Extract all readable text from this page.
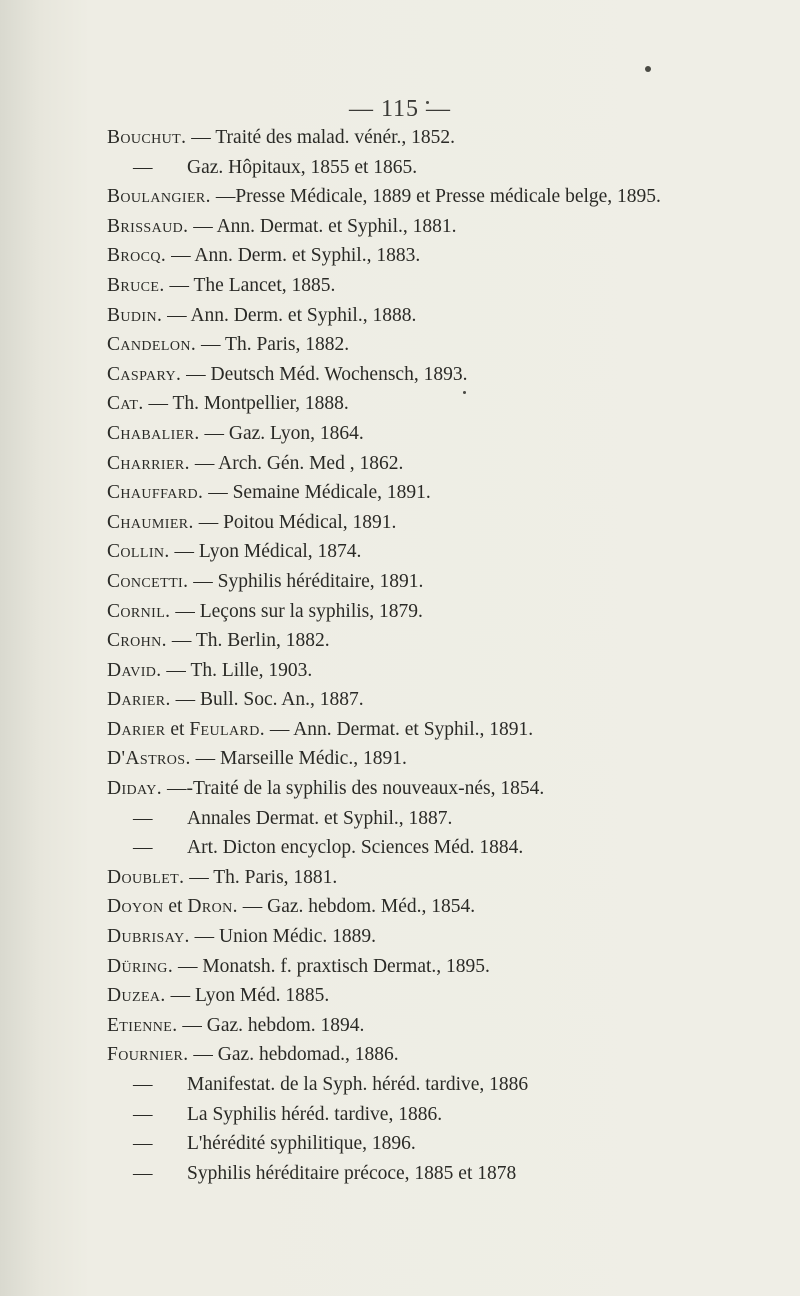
— 115 —
Bouchut. — Traité des malad. vénér., 1852.
— Gaz. Hôpitaux, 1855 et 1865.
Boulangier. —Presse Médicale, 1889 et Presse médicale belge, 1895.
Brissaud. — Ann. Dermat. et Syphil., 1881.
Brocq. — Ann. Derm. et Syphil., 1883.
Bruce. — The Lancet, 1885.
Budin. — Ann. Derm. et Syphil., 1888.
Candelon. — Th. Paris, 1882.
Caspary. — Deutsch Méd. Wochensch, 1893.
Cat. — Th. Montpellier, 1888.
Chabalier. — Gaz. Lyon, 1864.
Charrier. — Arch. Gén. Med , 1862.
Chauffard. — Semaine Médicale, 1891.
Chaumier. — Poitou Médical, 1891.
Collin. — Lyon Médical, 1874.
Concetti. — Syphilis héréditaire, 1891.
Cornil. — Leçons sur la syphilis, 1879.
Crohn. — Th. Berlin, 1882.
David. — Th. Lille, 1903.
Darier. — Bull. Soc. An., 1887.
Darier et Feulard. — Ann. Dermat. et Syphil., 1891.
D'Astros. — Marseille Médic., 1891.
Diday. —-Traité de la syphilis des nouveaux-nés, 1854.
— Annales Dermat. et Syphil., 1887.
— Art. Dicton encyclop. Sciences Méd. 1884.
Doublet. — Th. Paris, 1881.
Doyon et Dron. — Gaz. hebdom. Méd., 1854.
Dubrisay. — Union Médic. 1889.
Düring. — Monatsh. f. praxtisch Dermat., 1895.
Duzea. — Lyon Méd. 1885.
Etienne. — Gaz. hebdom. 1894.
Fournier. — Gaz. hebdomad., 1886.
— Manifestat. de la Syph. héréd. tardive, 1886
— La Syphilis héréd. tardive, 1886.
— L'hérédité syphilitique, 1896.
— Syphilis héréditaire précoce, 1885 et 1878
